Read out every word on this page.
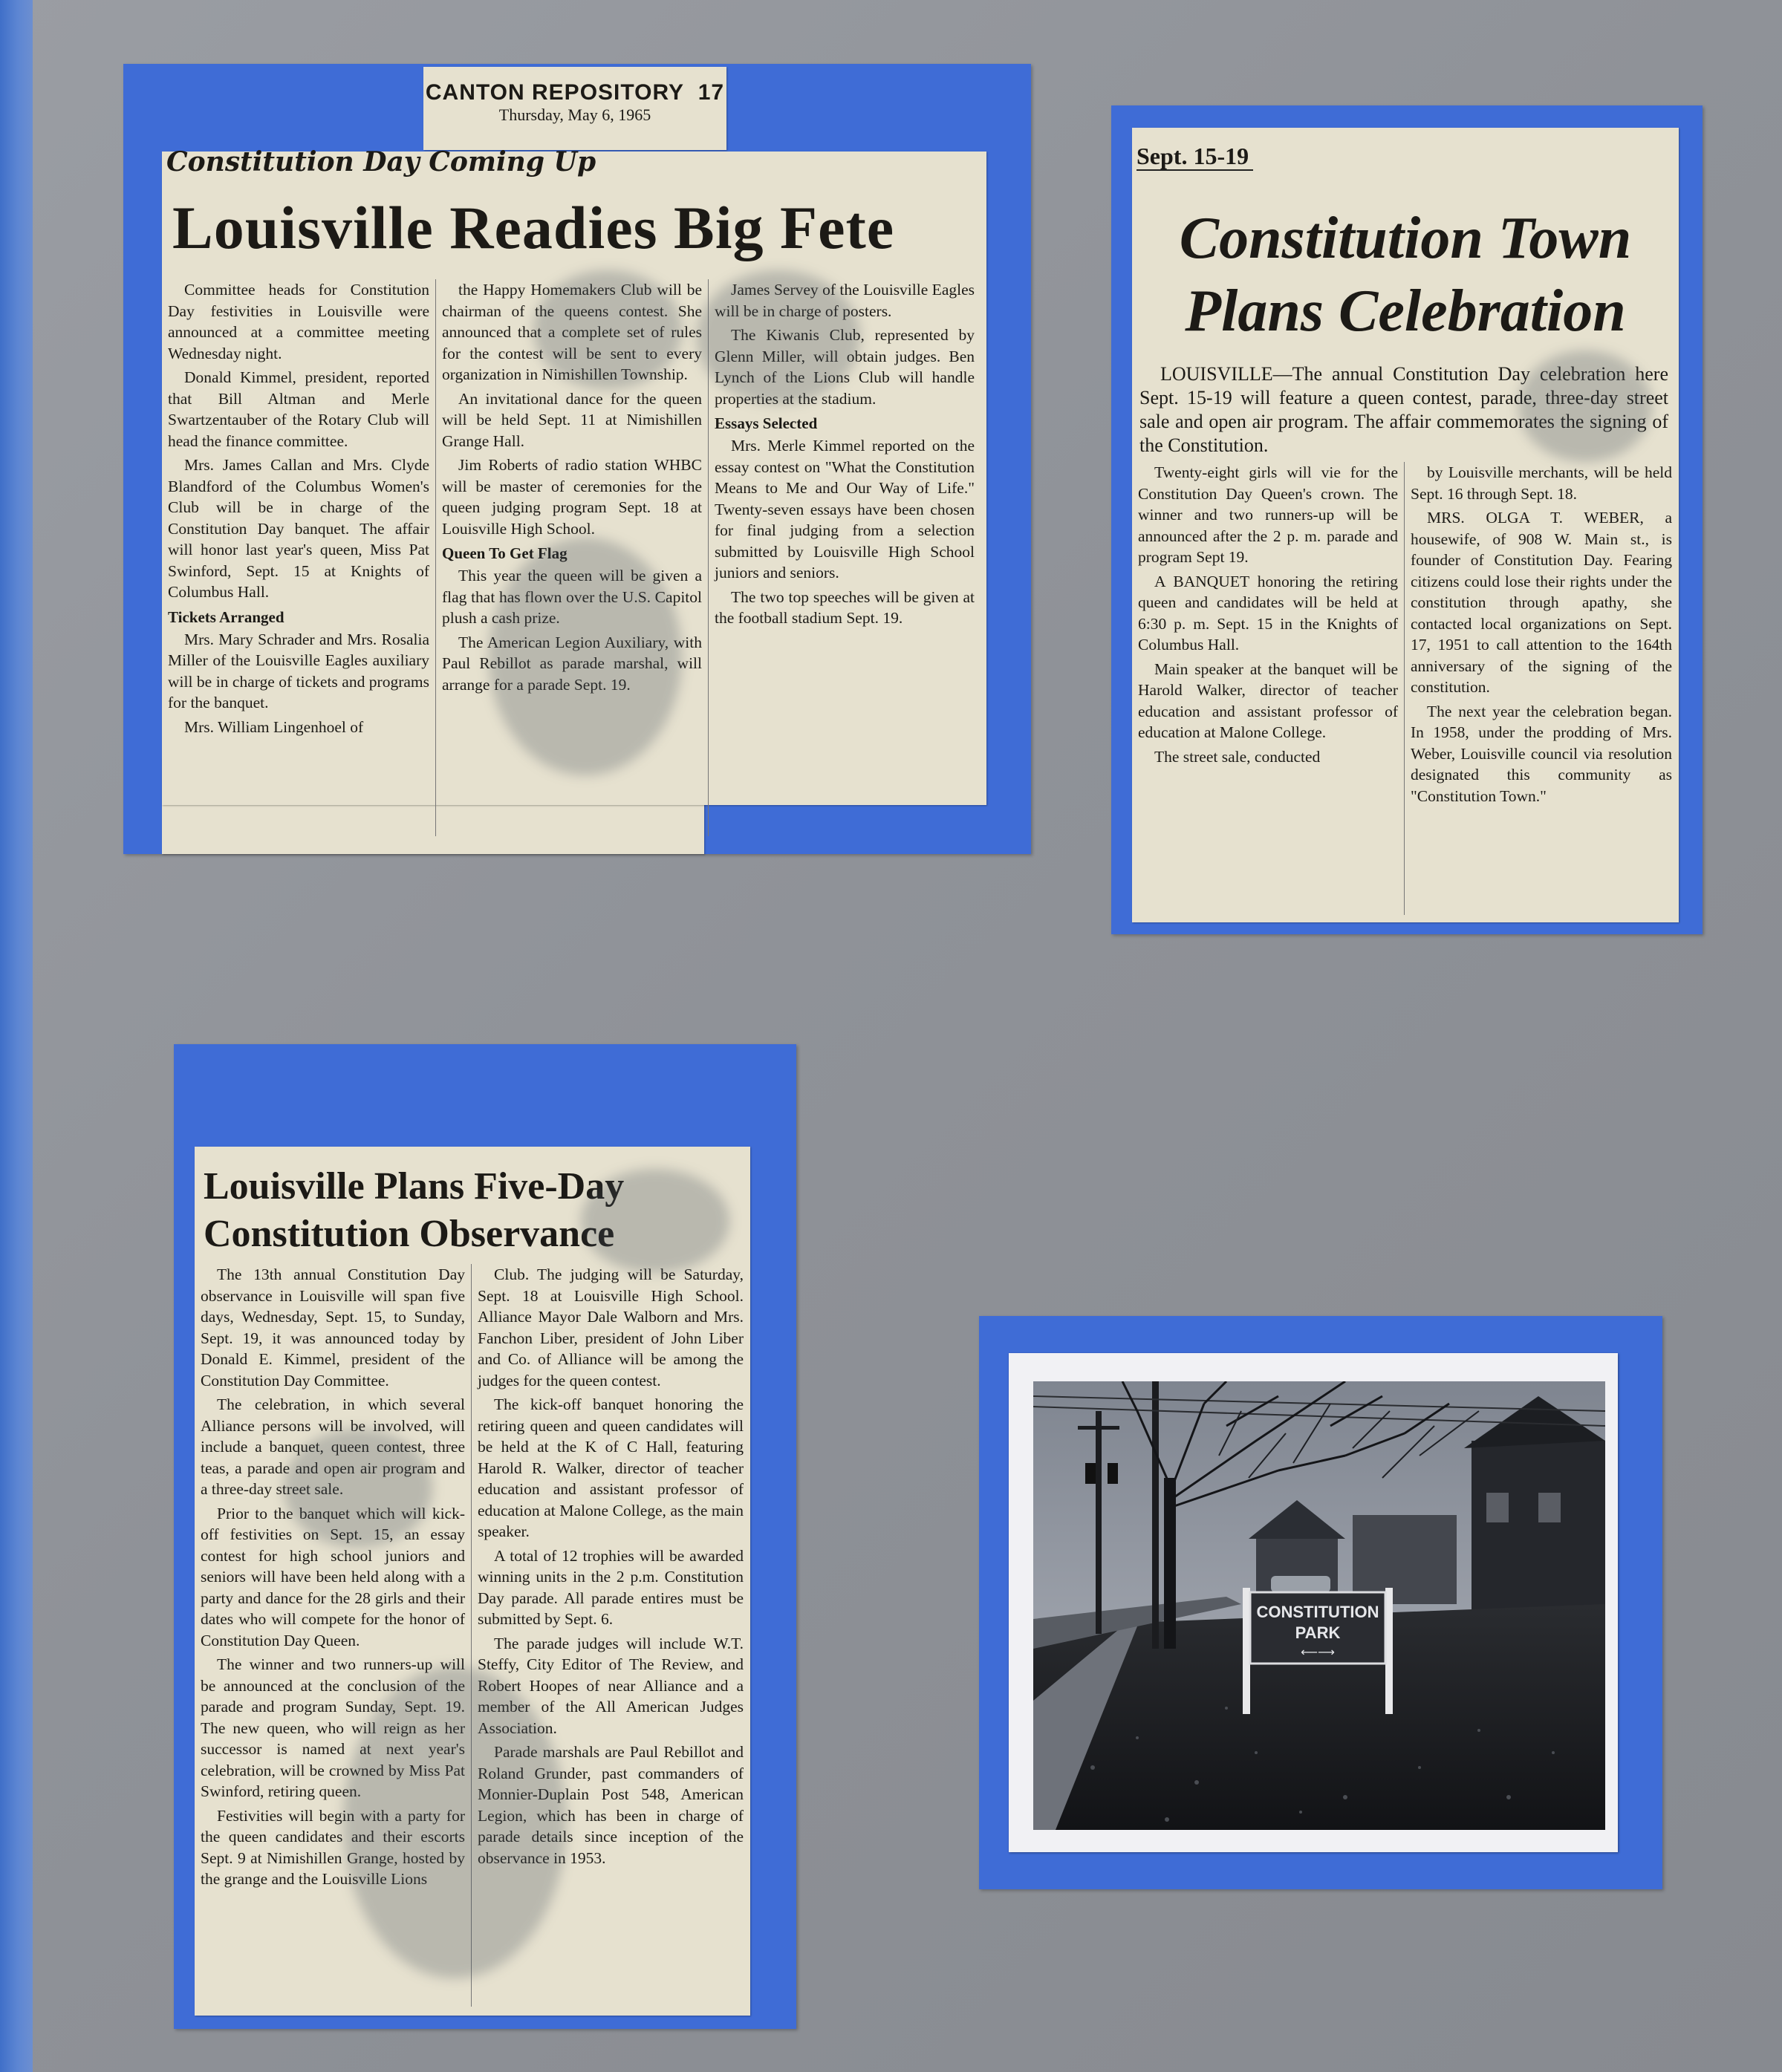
CANTON REPOSITORY 17
Thursday, May 6, 1965
Constitution Day Coming Up
Louisville Readies Big Fete

Committee heads for Constitution Day festivities in Louisville were announced at a committee meeting Wednesday night.

Donald Kimmel, president, reported that Bill Altman and Merle Swartzentauber of the Rotary Club will head the finance committee.

Mrs. James Callan and Mrs. Clyde Blandford of the Columbus Women's Club will be in charge of the Constitution Day banquet. The affair will honor last year's queen, Miss Pat Swinford, Sept. 15 at Knights of Columbus Hall.

Tickets Arranged

Mrs. Mary Schrader and Mrs. Rosalia Miller of the Louisville Eagles auxiliary will be in charge of tickets and programs for the banquet.

Mrs. William Lingenhoel of

the Happy Homemakers Club will be chairman of the queens contest. She announced that a complete set of rules for the contest will be sent to every organization in Nimishillen Township.

An invitational dance for the queen will be held Sept. 11 at Nimishillen Grange Hall.

Jim Roberts of radio station WHBC will be master of ceremonies for the queen judging program Sept. 18 at Louisville High School.

Queen To Get Flag

This year the queen will be given a flag that has flown over the U.S. Capitol plush a cash prize.

The American Legion Auxiliary, with Paul Rebillot as parade marshal, will arrange for a parade Sept. 19.

James Servey of the Louisville Eagles will be in charge of posters.

The Kiwanis Club, represented by Glenn Miller, will obtain judges. Ben Lynch of the Lions Club will handle properties at the stadium.

Essays Selected

Mrs. Merle Kimmel reported on the essay contest on "What the Constitution Means to Me and Our Way of Life." Twenty-seven essays have been chosen for final judging from a selection submitted by Louisville High School juniors and seniors.

The two top speeches will be given at the football stadium Sept. 19.

Sept. 15-19
Constitution Town
Plans Celebration
LOUISVILLE—The annual Constitution Day celebration here Sept. 15-19 will feature a queen contest, parade, three-day street sale and open air program. The affair commemorates the signing of the Constitution.

Twenty-eight girls will vie for the Constitution Day Queen's crown. The winner and two runners-up will be announced after the 2 p. m. parade and program Sept 19.

A BANQUET honoring the retiring queen and candidates will be held at 6:30 p. m. Sept. 15 in the Knights of Columbus Hall.

Main speaker at the banquet will be Harold Walker, director of teacher education and assistant professor of education at Malone College.

The street sale, conducted

by Louisville merchants, will be held Sept. 16 through Sept. 18.

MRS. OLGA T. WEBER, a housewife, of 908 W. Main st., is founder of Constitution Day. Fearing citizens could lose their rights under the constitution through apathy, she contacted local organizations on Sept. 17, 1951 to call attention to the 164th anniversary of the signing of the constitution.

The next year the celebration began. In 1958, under the prodding of Mrs. Weber, Louisville council via resolution designated this community as "Constitution Town."

Louisville Plans Five-Day
Constitution Observance

The 13th annual Constitution Day observance in Louisville will span five days, Wednesday, Sept. 15, to Sunday, Sept. 19, it was announced today by Donald E. Kimmel, president of the Constitution Day Committee.

The celebration, in which several Alliance persons will be involved, will include a banquet, queen contest, three teas, a parade and open air program and a three-day street sale.

Prior to the banquet which will kick-off festivities on Sept. 15, an essay contest for high school juniors and seniors will have been held along with a party and dance for the 28 girls and their dates who will compete for the honor of Constitution Day Queen.

The winner and two runners-up will be announced at the conclusion of the parade and program Sunday, Sept. 19. The new queen, who will reign as her successor is named at next year's celebration, will be crowned by Miss Pat Swinford, retiring queen.

Festivities will begin with a party for the queen candidates and their escorts Sept. 9 at Nimishillen Grange, hosted by the grange and the Louisville Lions

Club. The judging will be Saturday, Sept. 18 at Louisville High School. Alliance Mayor Dale Walborn and Mrs. Fanchon Liber, president of John Liber and Co. of Alliance will be among the judges for the queen contest.

The kick-off banquet honoring the retiring queen and queen candidates will be held at the K of C Hall, featuring Harold R. Walker, director of teacher education and assistant professor of education at Malone College, as the main speaker.

A total of 12 trophies will be awarded winning units in the 2 p.m. Constitution Day parade. All parade entires must be submitted by Sept. 6.

The parade judges will include W.T. Steffy, City Editor of The Review, and Robert Hoopes of near Alliance and a member of the All American Judges Association.

Parade marshals are Paul Rebillot and Roland Grunder, past commanders of Monnier-Duplain Post 548, American Legion, which has been in charge of parade details since inception of the observance in 1953.

CONSTITUTION
PARK
⟵⟶
